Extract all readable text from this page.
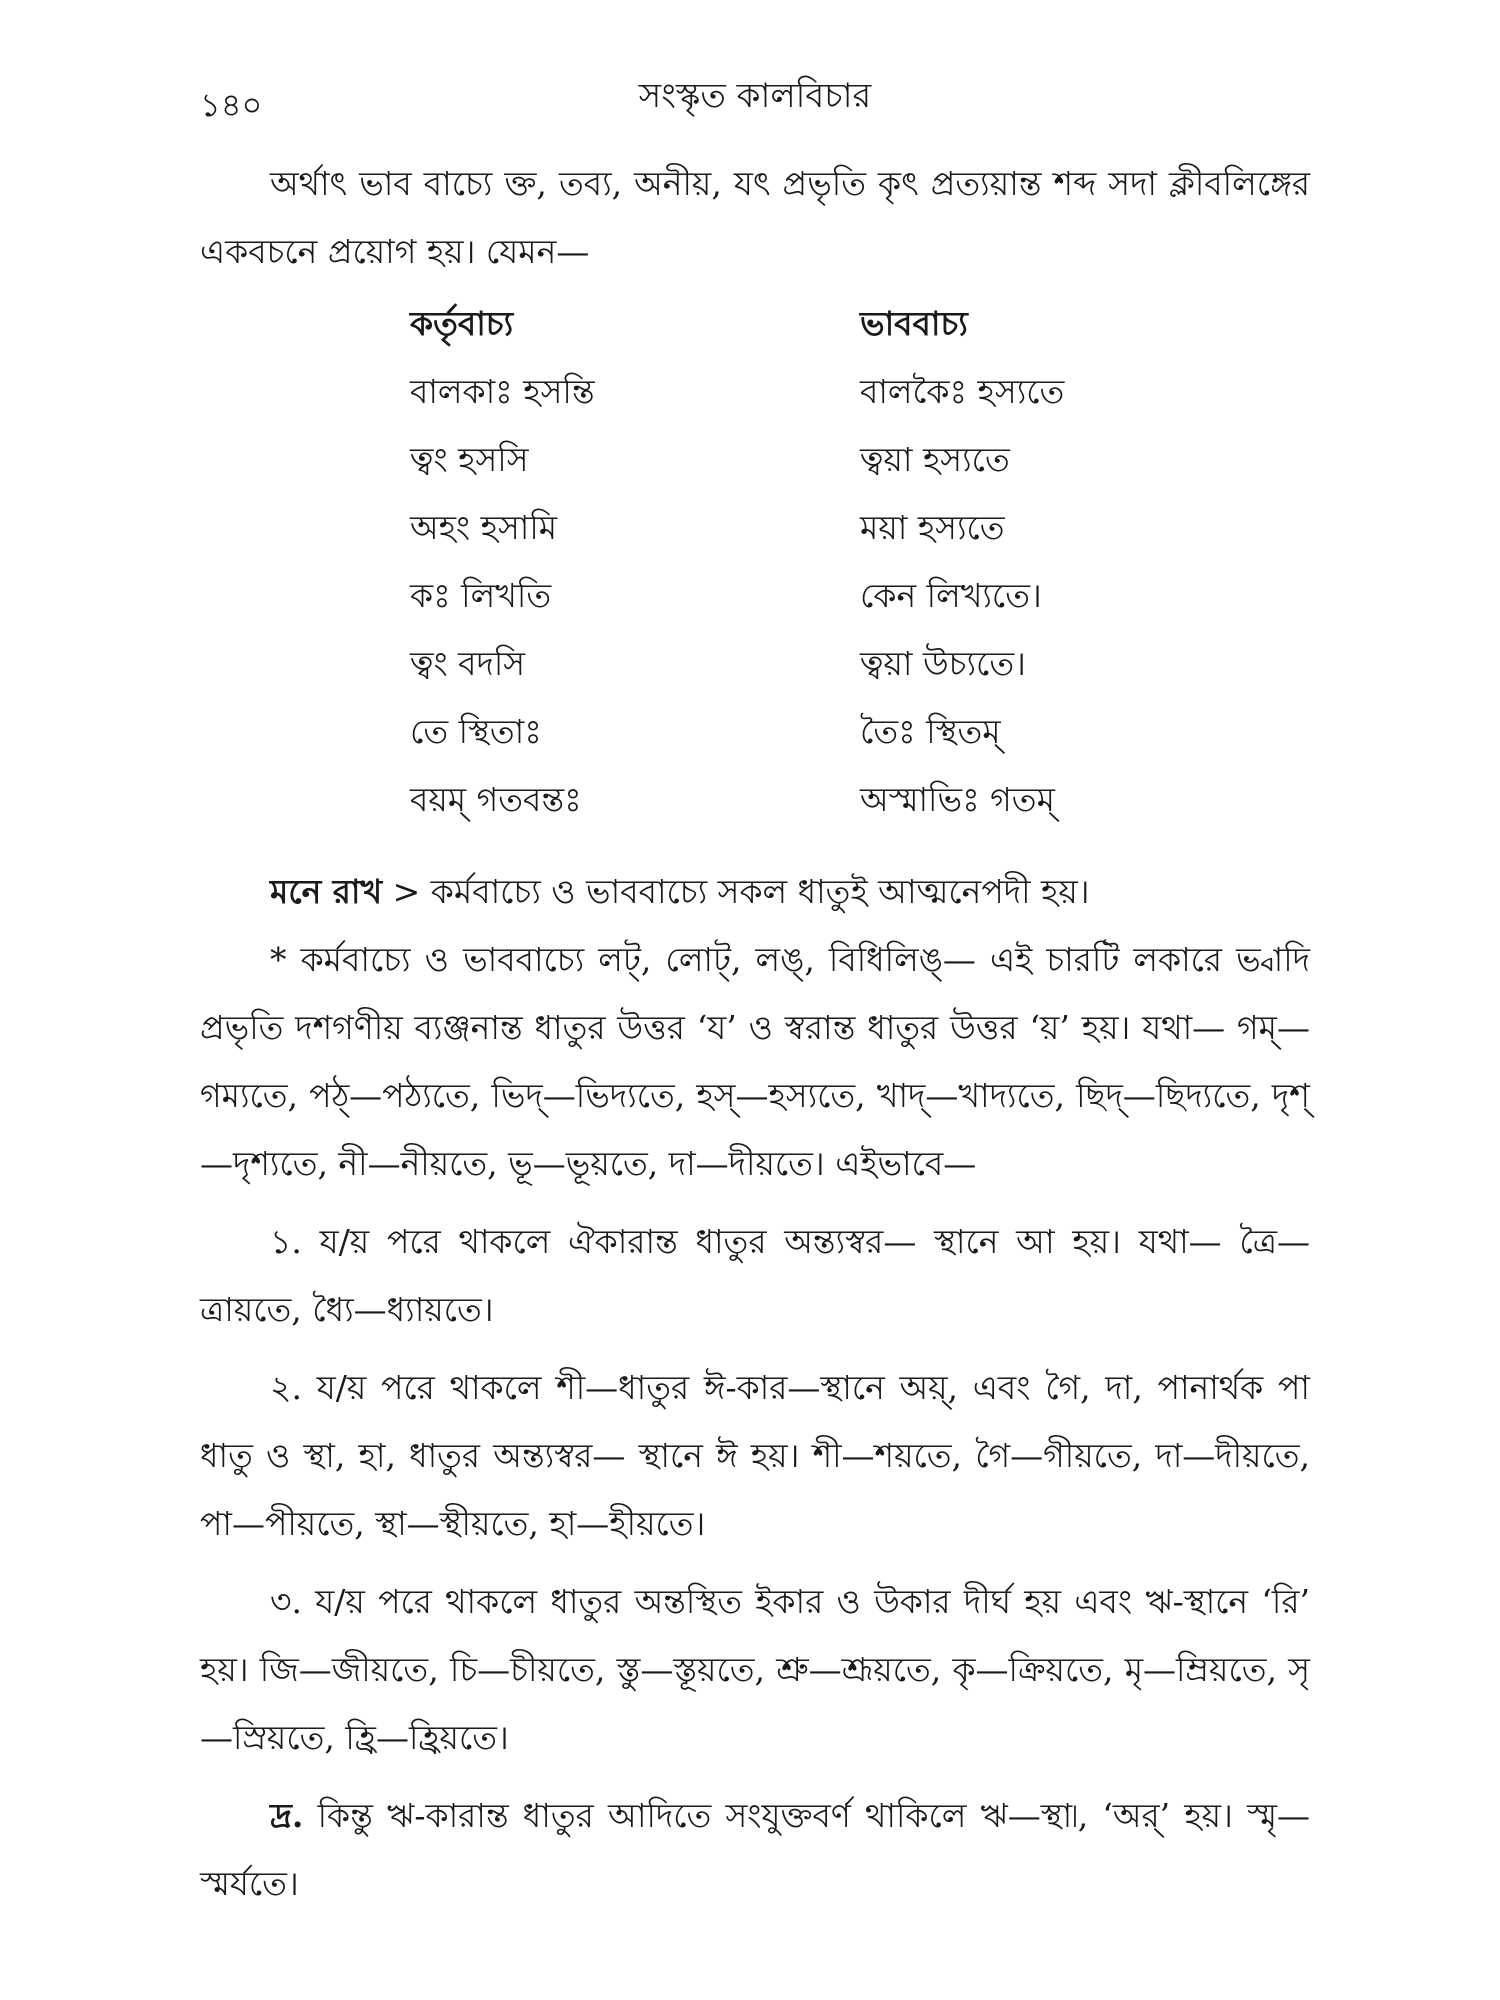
১৪০	সংস্কৃত কালবিচার

অর্থাৎ ভাব বাচ্যে ক্ত, তব্য, অনীয়, যৎ প্রভৃতি কৃৎ প্রত্যয়ান্ত শব্দ সদা ক্লীবলিঙ্গের একবচনে প্রয়োগ হয়। যেমন—

কর্তৃবাচ্য	ভাববাচ্য
বালকাঃ হসন্তি	বালকৈঃ হস্যতে
ত্বং হসসি	ত্বয়া হস্যতে
অহং হসামি	ময়া হস্যতে
কঃ লিখতি	কেন লিখ্যতে।
ত্বং বদসি	ত্বয়া উচ্যতে।
তে স্থিতাঃ	তৈঃ স্থিতম্
বয়ম্ গতবন্তঃ	অস্মাভিঃ গতম্

মনে রাখ > কর্মবাচ্যে ও ভাববাচ্যে সকল ধাতুই আত্মনেপদী হয়।

* কর্মবাচ্যে ও ভাববাচ্যে লট্, লোট্, লঙ্, বিধিলিঙ্— এই চারটি লকারে ভ্বাদি প্রভৃতি দশগণীয় ব্যঞ্জনান্ত ধাতুর উত্তর ‘য’ ও স্বরান্ত ধাতুর উত্তর ‘য়’ হয়। যথা— গম্—গম্যতে, পঠ্—পঠ্যতে, ভিদ্—ভিদ্যতে, হস্—হস্যতে, খাদ্—খাদ্যতে, ছিদ্—ছিদ্যতে, দৃশ্—দৃশ্যতে, নী—নীয়তে, ভূ—ভূয়তে, দা—দীয়তে। এইভাবে—

১. য/য় পরে থাকলে ঐকারান্ত ধাতুর অন্ত্যস্বর— স্থানে আ হয়। যথা— ত্রৈ—ত্রায়তে, ধ্যৈ—ধ্যায়তে।

২. য/য় পরে থাকলে শী—ধাতুর ঈ-কার—স্থানে অয়্, এবং গৈ, দা, পানার্থক পা ধাতু ও স্থা, হা, ধাতুর অন্ত্যস্বর— স্থানে ঈ হয়। শী—শয়তে, গৈ—গীয়তে, দা—দীয়তে, পা—পীয়তে, স্থা—স্থীয়তে, হা—হীয়তে।

৩. য/য় পরে থাকলে ধাতুর অন্তস্থিত ইকার ও উকার দীর্ঘ হয় এবং ঋ-স্থানে ‘রি’ হয়। জি—জীয়তে, চি—চীয়তে, স্তু—স্তূয়তে, শ্রু—শ্রূয়তে, কৃ—ক্রিয়তে, মৃ—ম্রিয়তে, সৃ—স্রিয়তে, হ্রি—হ্রিয়তে।

দ্র. কিন্তু ঋ-কারান্ত ধাতুর আদিতে সংযুক্তবর্ণ থাকিলে ঋ—স্থা৷, ‘অর্’ হয়। স্মৃ—স্মর্যতে।
